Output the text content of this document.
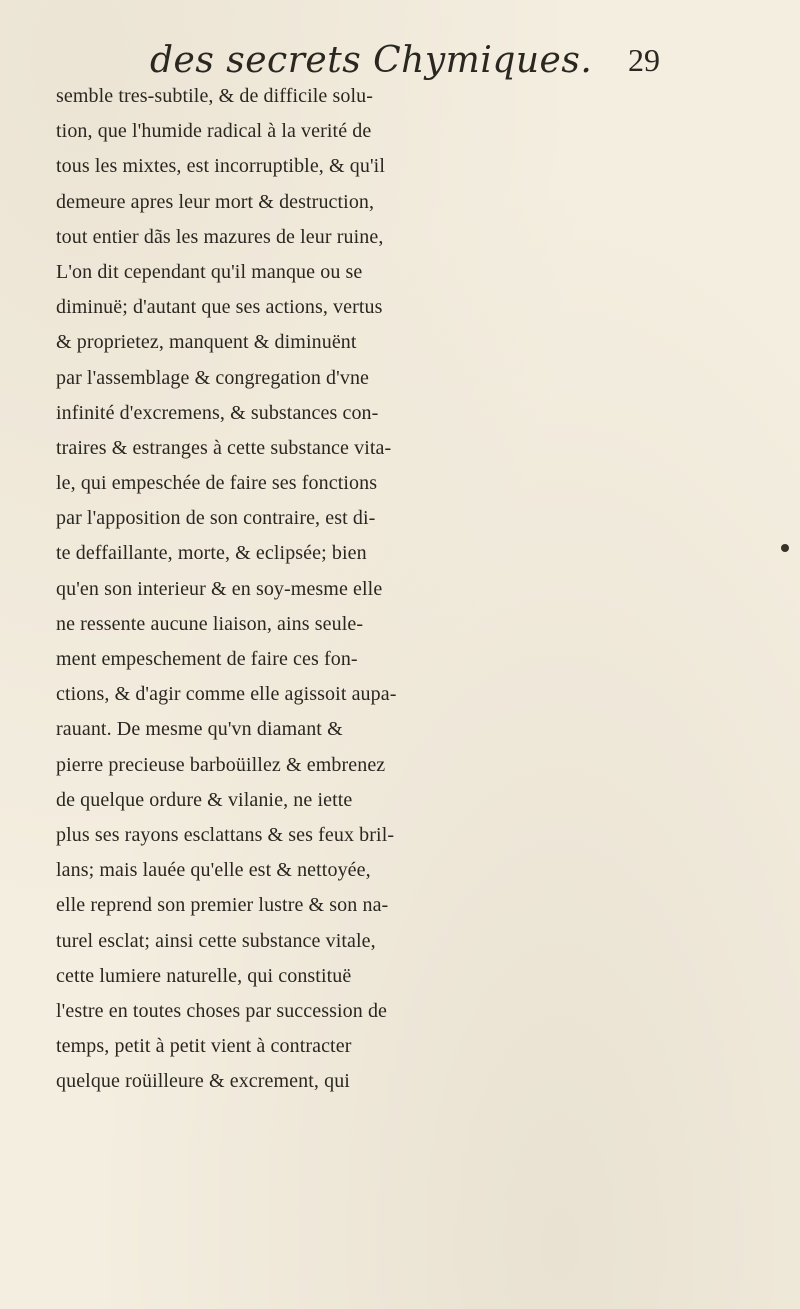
des secrets Chymiques. 29
semble tres-subtile, & de difficile solu-
tion, que l'humide radical à la verité de
tous les mixtes, est incorruptible, & qu'il
demeure apres leur mort & destruction,
tout entier dãs les mazures de leur ruine,
L'on dit cependant qu'il manque ou se
diminuë; d'autant que ses actions, vertus
& proprietez, manquent & diminuënt
par l'assemblage & congregation d'vne
infinité d'excremens, & substances con-
traires & estranges à cette substance vita-
le, qui empeschée de faire ses fonctions
par l'apposition de son contraire, est di-
te deffaillante, morte, & eclipsée; bien
qu'en son interieur & en soy-mesme elle
ne ressente aucune liaison, ains seule-
ment empeschement de faire ces fon-
ctions, & d'agir comme elle agissoit aupa-
rauant. De mesme qu'vn diamant &
pierre precieuse barboüillez & embrenez
de quelque ordure & vilanie, ne iette
plus ses rayons esclattans & ses feux bril-
lans; mais lauée qu'elle est & nettoyée,
elle reprend son premier lustre & son na-
turel esclat; ainsi cette substance vitale,
cette lumiere naturelle, qui constituë
l'estre en toutes choses par succession de
temps, petit à petit vient à contracter
quelque roüilleure & excrement, qui
